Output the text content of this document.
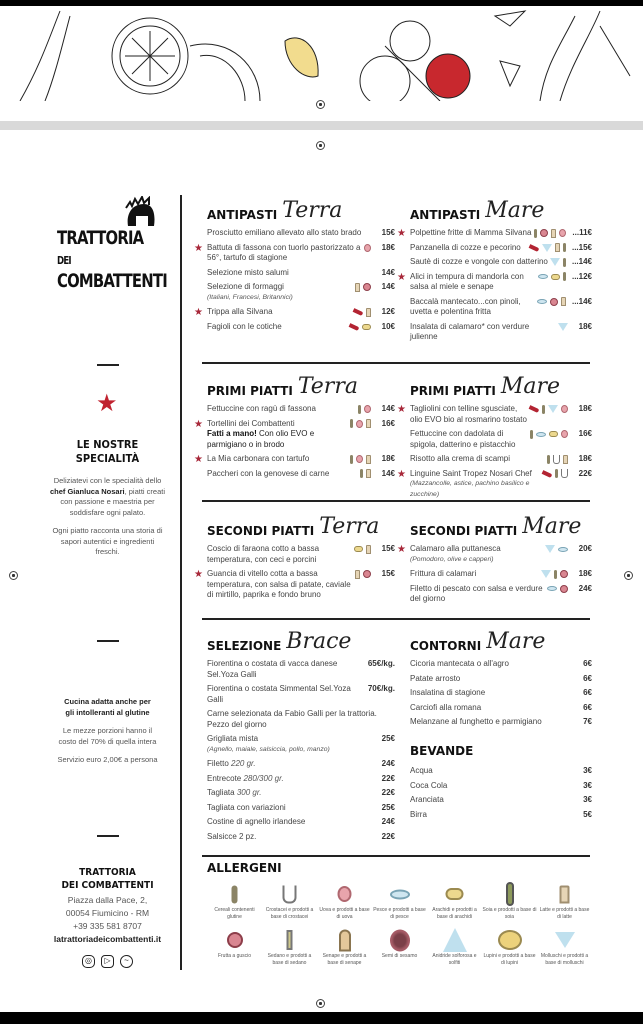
TRATTORIA DEI
COMBATTENTI
★
LE NOSTRE
SPECIALITÀ

Deliziatevi con le specialità dello chef Gianluca Nosari, piatti creati con passione e maestria per soddisfare ogni palato.

Ogni piatto racconta una storia di sapori autentici e ingredienti freschi.

Cucina adatta anche per gli intolleranti al glutine

Le mezze porzioni hanno il costo del 70% di quella intera

Servizio euro 2,00€ a persona

TRATTORIA
DEI COMBATTENTI
Piazza dalla Pace, 2,
00054 Fiumicino - RM
+39 335 581 8707
latrattoriadeicombattenti.it
◎ ▷ ~
ANTIPASTI Terra
Prosciutto emiliano allevato allo stato brado	15€
★ Battuta di fassona con tuorlo pastorizzato a 56°, tartufo di stagione
18€
Selezione misto salumi	14€
Selezione di formaggi
(Italiani, Francesi, Britannici)
14€
★ Trippa alla Silvana	12€
Fagioli con le cotiche	10€
ANTIPASTI Mare
★ Polpettine fritte di Mamma Silvana	...11€
Panzanella di cozze e pecorino	...15€
Sautè di cozze e vongole con datterino	...14€
★ Alici in tempura di mandorla con salsa al miele e senape
...12€
Baccalà mantecato...con pinoli, uvetta e polentina fritta
...14€
Insalata di calamaro* con verdure julienne
18€
PRIMI PIATTI Terra
Fettuccine con ragù di fassona	14€
★ Tortellini dei Combattenti
Fatti a mano! Con olio EVO e parmigiano o in brodo
16€
★ La Mia carbonara con tartufo	18€
Paccheri con la genovese di carne	14€
PRIMI PIATTI Mare
★ Tagliolini con telline sgusciate, olio EVO bio al rosmarino tostato
18€
Fettuccine con dadolata di spigola, datterino e pistacchio
16€
Risotto alla crema di scampi	18€
★ Linguine Saint Tropez Nosari Chef
(Mazzancolle, astice, pachino basilico e zucchine)
22€
SECONDI PIATTI Terra
Coscio di faraona cotto a bassa temperatura, con ceci e porcini
15€
★ Guancia di vitello cotta a bassa temperatura, con salsa di patate, caviale di mirtillo, paprika e fondo bruno
15€
SECONDI PIATTI Mare
★ Calamaro alla puttanesca
(Pomodoro, olive e capperi)
20€
Frittura di calamari	18€
Filetto di pescato con salsa e verdure del giorno
24€
SELEZIONE Brace
Fiorentina o costata di vacca danese Sel.Yoza Galli
65€/kg.
Fiorentina o costata Simmental Sel.Yoza Galli
70€/kg.
Carne selezionata da Fabio Galli per la trattoria. Pezzo del giorno
Grigliata mista
(Agnello, maiale, salsiccia, pollo, manzo)
25€
Filetto 220 gr.	24€
Entrecote 280/300 gr.	22€
Tagliata 300 gr.	22€
Tagliata con variazioni	25€
Costine di agnello irlandese	24€
Salsicce 2 pz.	22€
CONTORNI Mare
Cicoria mantecata o all'agro	6€
Patate arrosto	6€
Insalatina di stagione	6€
Carciofi alla romana	6€
Melanzane al funghetto e parmigiano	7€
BEVANDE
Acqua	3€
Coca Cola	3€
Aranciata	3€
Birra	5€
ALLERGENI
Cereali contenenti glutine
Crostacei e prodotti a base di crostacei
Uova e prodotti a base di uova
Pesce e prodotti a base di pesce
Arachidi e prodotti a base di arachidi
Soia e prodotti a base di soia
Latte e prodotti a base di latte
Frutta a guscio	Sedano e prodotti a base di sedano
Senape e prodotti a base di senape
Semi di sesamo	Anidride solforosa e solfiti
Lupini e prodotti a base di lupini
Molluschi e prodotti a base di molluschi
